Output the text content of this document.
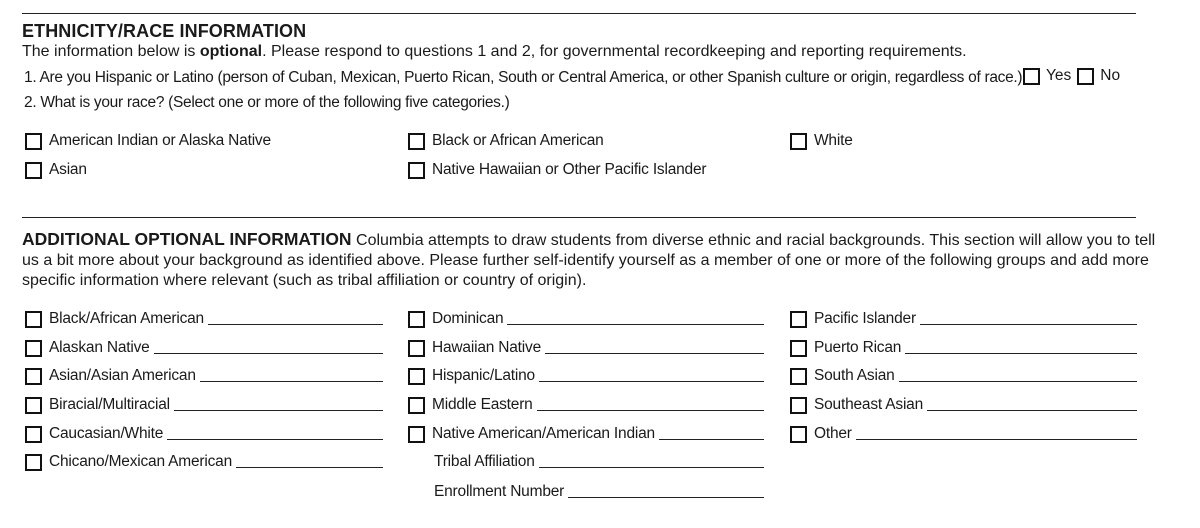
ETHNICITY/RACE INFORMATION
The information below is optional. Please respond to questions 1 and 2, for governmental recordkeeping and reporting requirements.
1. Are you Hispanic or Latino (person of Cuban, Mexican, Puerto Rican, South or Central America, or other Spanish culture or origin, regardless of race.) Yes No
2. What is your race? (Select one or more of the following five categories.)
American Indian or Alaska Native
Asian
Black or African American
Native Hawaiian or Other Pacific Islander
White
ADDITIONAL OPTIONAL INFORMATION Columbia attempts to draw students from diverse ethnic and racial backgrounds. This section will allow you to tell
us a bit more about your background as identified above. Please further self-identify yourself as a member of one or more of the following groups and add more
specific information where relevant (such as tribal affiliation or country of origin).
Black/African American
Alaskan Native
Asian/Asian American
Biracial/Multiracial
Caucasian/White
Chicano/Mexican American
Dominican
Hawaiian Native
Hispanic/Latino
Middle Eastern
Native American/American Indian
Tribal Affiliation
Enrollment Number
Pacific Islander
Puerto Rican
South Asian
Southeast Asian
Other
